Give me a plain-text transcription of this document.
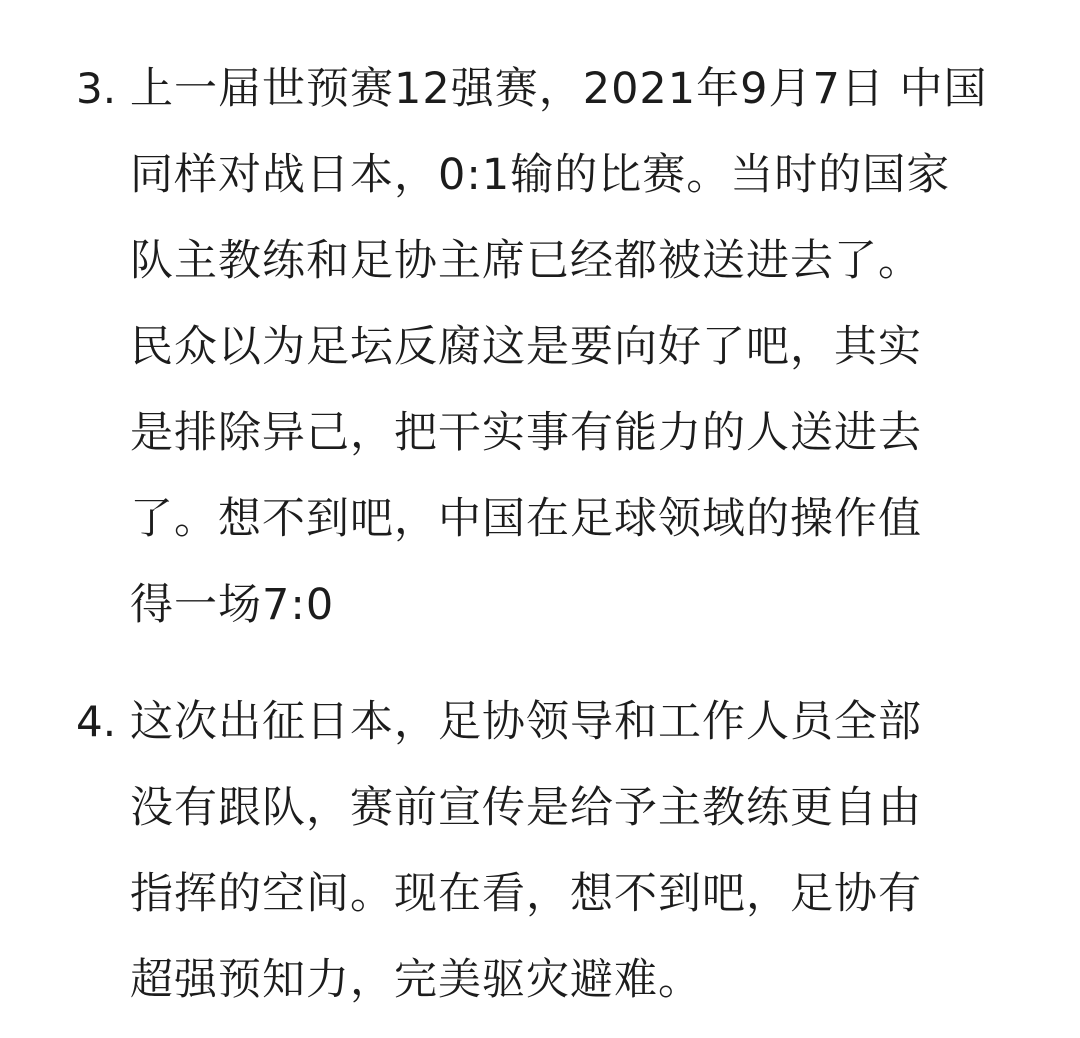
3. 上一届世预赛12强赛，2021年9月7日 中国
同样对战日本，0:1输的比赛。当时的国家
队主教练和足协主席已经都被送进去了。
民众以为足坛反腐这是要向好了吧，其实
是排除异己，把干实事有能力的人送进去
了。想不到吧，中国在足球领域的操作值
得一场7:0
4. 这次出征日本，足协领导和工作人员全部
没有跟队，赛前宣传是给予主教练更自由
指挥的空间。现在看，想不到吧，足协有
超强预知力，完美驱灾避难。
